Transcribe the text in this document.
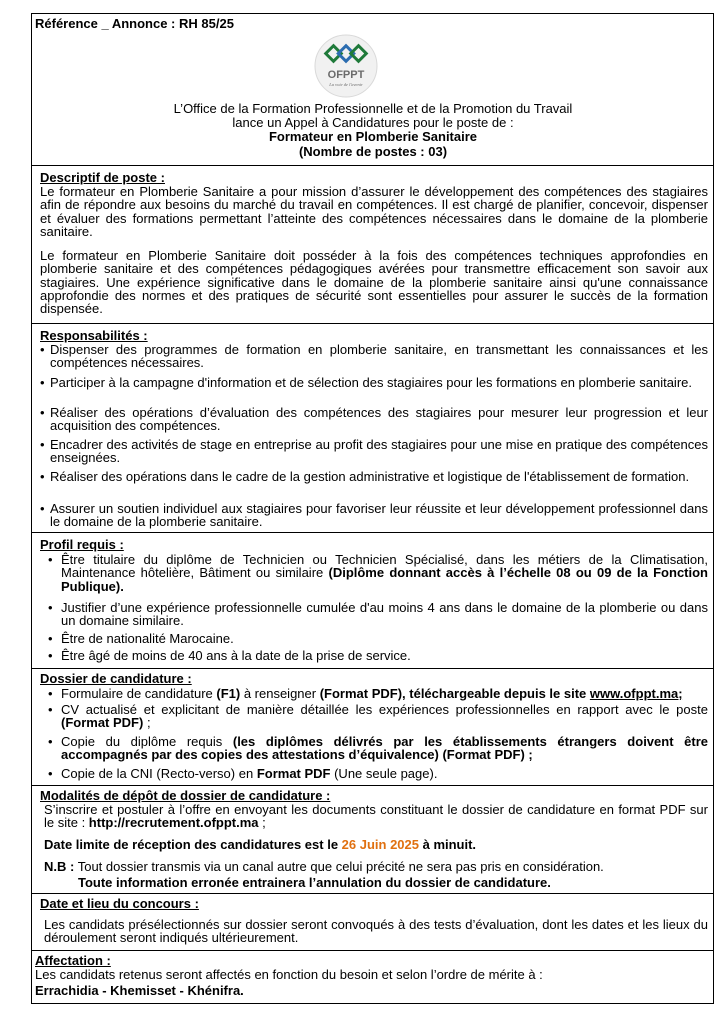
Référence _ Annonce : RH 85/25
OFPPT
La voie de l'avenir
L’Office de la Formation Professionnelle et de la Promotion du Travail
lance un Appel à Candidatures pour le poste de :
Formateur en Plomberie Sanitaire
(Nombre de postes : 03)
Descriptif de poste :
Le formateur en Plomberie Sanitaire a pour mission d’assurer le développement des compétences des stagiaires afin de répondre aux besoins du marché du travail en compétences. Il est chargé de planifier, concevoir, dispenser et évaluer des formations permettant l’atteinte des compétences nécessaires dans le domaine de la plomberie sanitaire.
Le formateur en Plomberie Sanitaire doit posséder à la fois des compétences techniques approfondies en plomberie sanitaire et des compétences pédagogiques avérées pour transmettre efficacement son savoir aux stagiaires. Une expérience significative dans le domaine de la plomberie sanitaire ainsi qu'une connaissance approfondie des normes et des pratiques de sécurité sont essentielles pour assurer le succès de la formation dispensée.
Responsabilités :
• Dispenser des programmes de formation en plomberie sanitaire, en transmettant les connaissances et les compétences nécessaires.
• Participer à la campagne d'information et de sélection des stagiaires pour les formations en plomberie sanitaire.
• Réaliser des opérations d’évaluation des compétences des stagiaires pour mesurer leur progression et leur acquisition des compétences.
• Encadrer des activités de stage en entreprise au profit des stagiaires pour une mise en pratique des compétences enseignées.
• Réaliser des opérations dans le cadre de la gestion administrative et logistique de l'établissement de formation.
• Assurer un soutien individuel aux stagiaires pour favoriser leur réussite et leur développement professionnel dans le domaine de la plomberie sanitaire.
Profil requis :
• Être titulaire du diplôme de Technicien ou Technicien Spécialisé, dans les métiers de la Climatisation, Maintenance hôtelière, Bâtiment ou similaire (Diplôme donnant accès à l’échelle 08 ou 09 de la Fonction Publique).
• Justifier d’une expérience professionnelle cumulée d'au moins 4 ans dans le domaine de la plomberie ou dans un domaine similaire.
• Être de nationalité Marocaine.
• Être âgé de moins de 40 ans à la date de la prise de service.
Dossier de candidature :
• Formulaire de candidature (F1) à renseigner (Format PDF), téléchargeable depuis le site www.ofppt.ma;
• CV actualisé et explicitant de manière détaillée les expériences professionnelles en rapport avec le poste (Format PDF) ;
• Copie du diplôme requis (les diplômes délivrés par les établissements étrangers doivent être accompagnés par des copies des attestations d’équivalence) (Format PDF) ;
• Copie de la CNI (Recto-verso) en Format PDF (Une seule page).
Modalités de dépôt de dossier de candidature :
S’inscrire et postuler à l’offre en envoyant les documents constituant le dossier de candidature en format PDF sur le site : http://recrutement.ofppt.ma ;
Date limite de réception des candidatures est le 26 Juin 2025 à minuit.
N.B : Tout dossier transmis via un canal autre que celui précité ne sera pas pris en considération.
Toute information erronée entrainera l’annulation du dossier de candidature.
Date et lieu du concours :
Les candidats présélectionnés sur dossier seront convoqués à des tests d’évaluation, dont les dates et les lieux du déroulement seront indiqués ultérieurement.
Affectation :
Les candidats retenus seront affectés en fonction du besoin et selon l’ordre de mérite à :
Errachidia - Khemisset - Khénifra.
